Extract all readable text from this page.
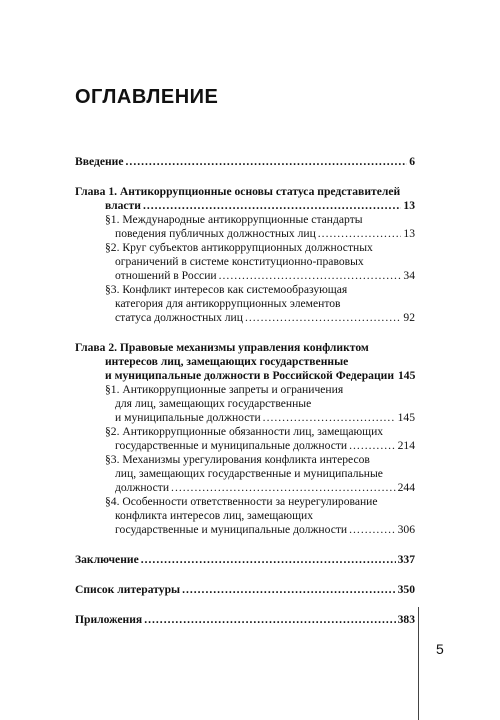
ОГЛАВЛЕНИЕ
Введение .....	6
Глава 1. Антикоррупционные основы статуса представителей
власти .....	13
§1. Международные антикоррупционные стандарты
поведения публичных должностных лиц .....	13
§2. Круг субъектов антикоррупционных должностных
ограничений в системе конституционно-правовых
отношений в России .....	34
§3. Конфликт интересов как системообразующая
категория для антикоррупционных элементов
статуса должностных лиц .....	92
Глава 2. Правовые механизмы управления конфликтом
интересов лиц, замещающих государственные
и муниципальные должности в Российской Федерации 145
§1. Антикоррупционные запреты и ограничения
для лиц, замещающих государственные
и муниципальные должности .....	145
§2. Антикоррупционные обязанности лиц, замещающих
государственные и муниципальные должности .....	214
§3. Механизмы урегулирования конфликта интересов
лиц, замещающих государственные и муниципальные
должности .....	244
§4. Особенности ответственности за неурегулирование
конфликта интересов лиц, замещающих
государственные и муниципальные должности .....	306
Заключение .....	337
Список литературы .....	350
Приложения .....	383
5
